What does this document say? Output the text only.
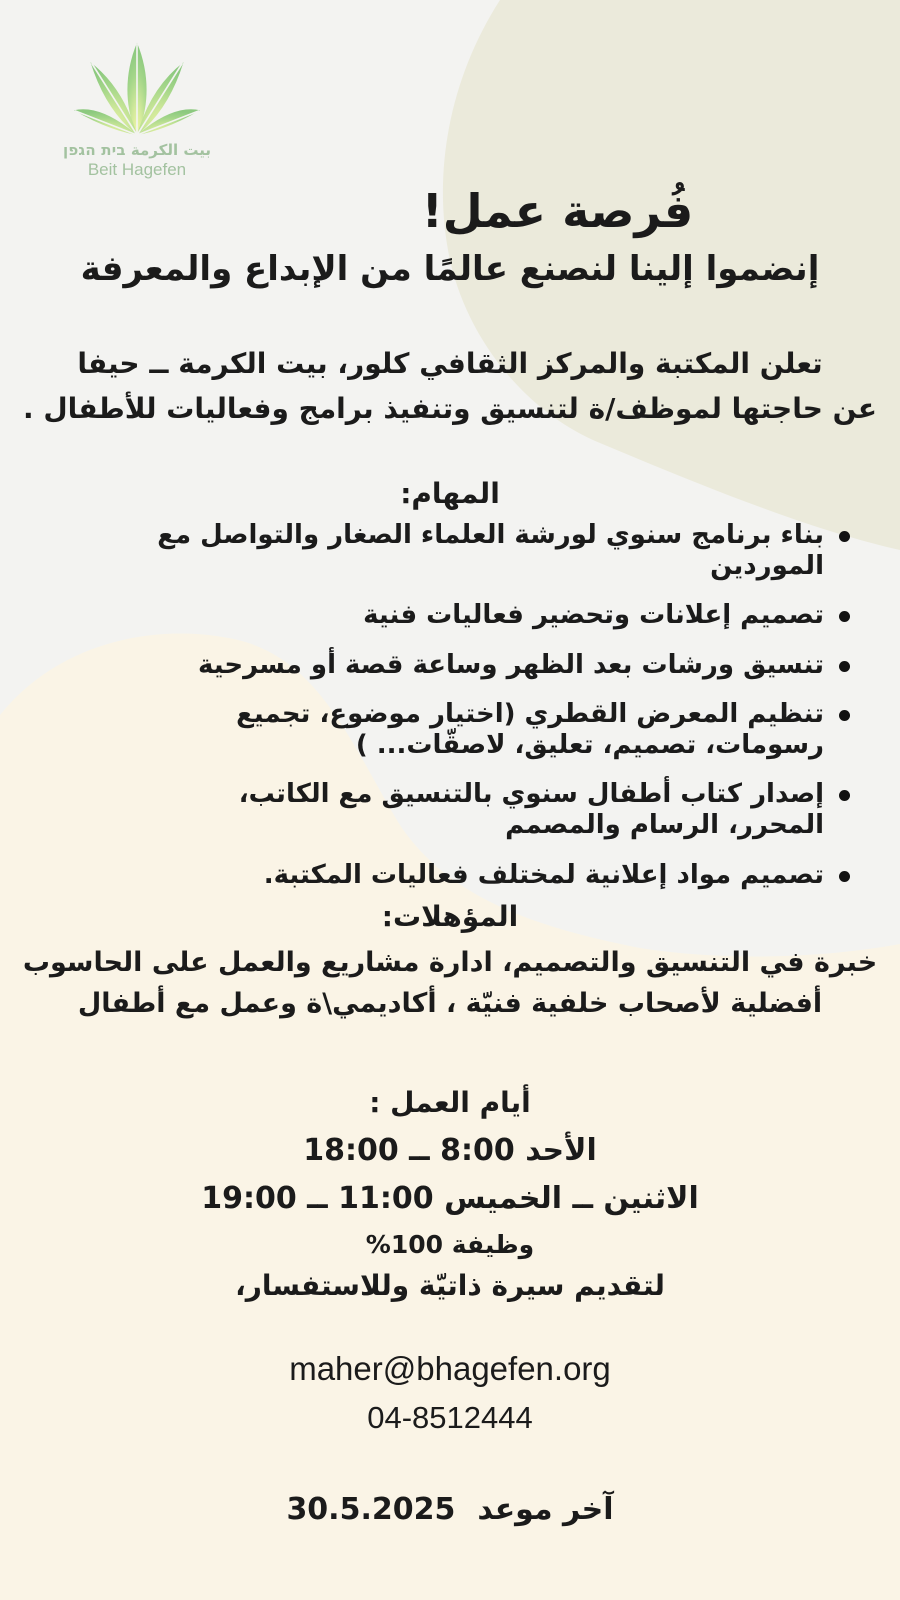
بيت الكرمة בית הגפן
Beit Hagefen
فُرصة عمل!
إنضموا إلينا لنصنع عالمًا من الإبداع والمعرفة
تعلن المكتبة والمركز الثقافي كلور، بيت الكرمة ــ حيفا
عن حاجتها لموظف/ة لتنسيق وتنفيذ برامج وفعاليات للأطفال .
المهام:
بناء برنامج سنوي لورشة العلماء الصغار والتواصل مع الموردين
تصميم إعلانات وتحضير فعاليات فنية
تنسيق ورشات بعد الظهر وساعة قصة أو مسرحية
تنظيم المعرض القطري (اختيار موضوع، تجميع رسومات، تصميم، تعليق، لاصقّات... )
إصدار كتاب أطفال سنوي بالتنسيق مع الكاتب، المحرر، الرسام والمصمم
تصميم مواد إعلانية لمختلف فعاليات المكتبة.
المؤهلات:
خبرة في التنسيق والتصميم، ادارة مشاريع والعمل على الحاسوب
أفضلية لأصحاب خلفية فنيّة ، أكاديمي\ة وعمل مع أطفال
أيام العمل :
الأحد 8:00 ــ 18:00
الاثنين ــ الخميس 11:00 ــ 19:00
وظيفة 100%
لتقديم سيرة ذاتيّة وللاستفسار،
maher@bhagefen.org
04-8512444
آخر موعد
30.5.2025
